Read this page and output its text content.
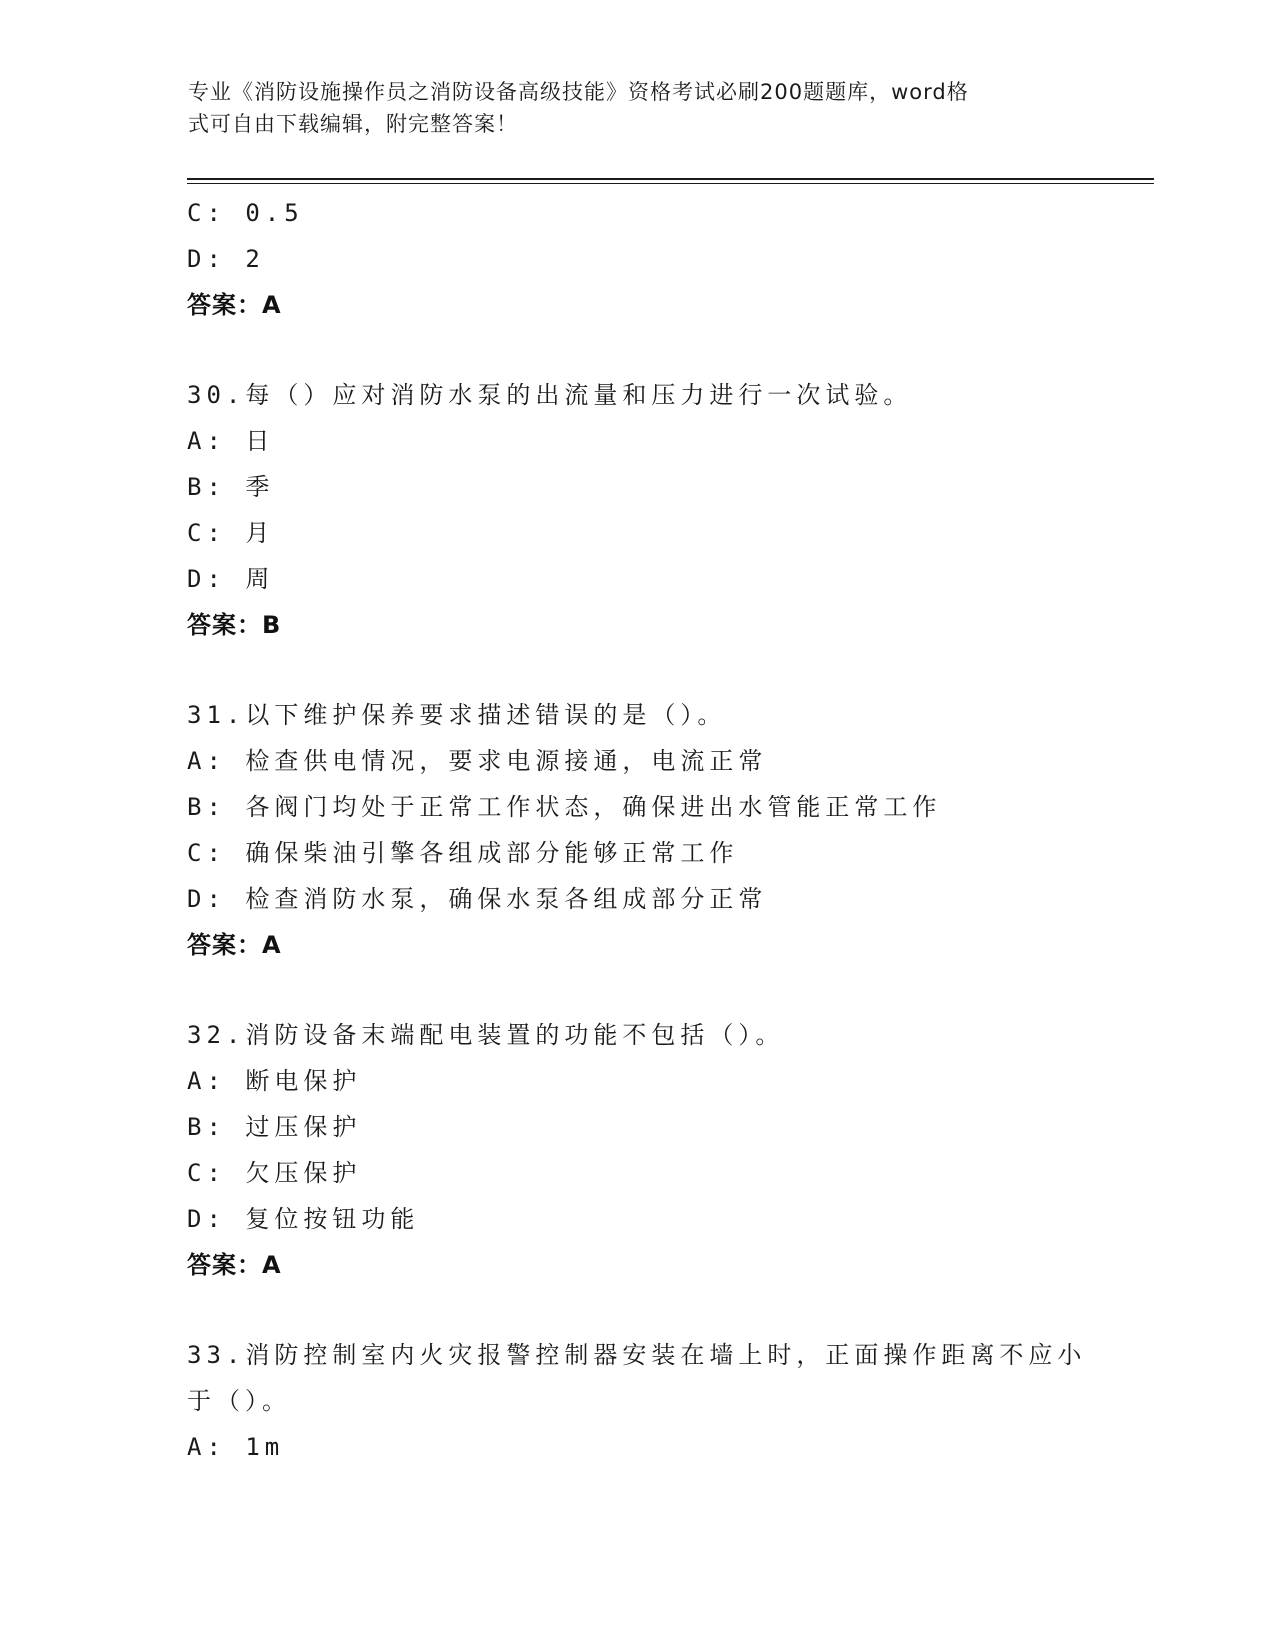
专业《消防设施操作员之消防设备高级技能》资格考试必刷200题题库，word格
式可自由下载编辑，附完整答案！
C: 0.5
D: 2
答案：A
30.每（）应对消防水泵的出流量和压力进行一次试验。
A: 日
B: 季
C: 月
D: 周
答案：B
31.以下维护保养要求描述错误的是（）。
A: 检查供电情况，要求电源接通，电流正常
B: 各阀门均处于正常工作状态，确保进出水管能正常工作
C: 确保柴油引擎各组成部分能够正常工作
D: 检查消防水泵，确保水泵各组成部分正常
答案：A
32.消防设备末端配电装置的功能不包括（）。
A: 断电保护
B: 过压保护
C: 欠压保护
D: 复位按钮功能
答案：A
33.消防控制室内火灾报警控制器安装在墙上时，正面操作距离不应小
于（）。
A: 1m
